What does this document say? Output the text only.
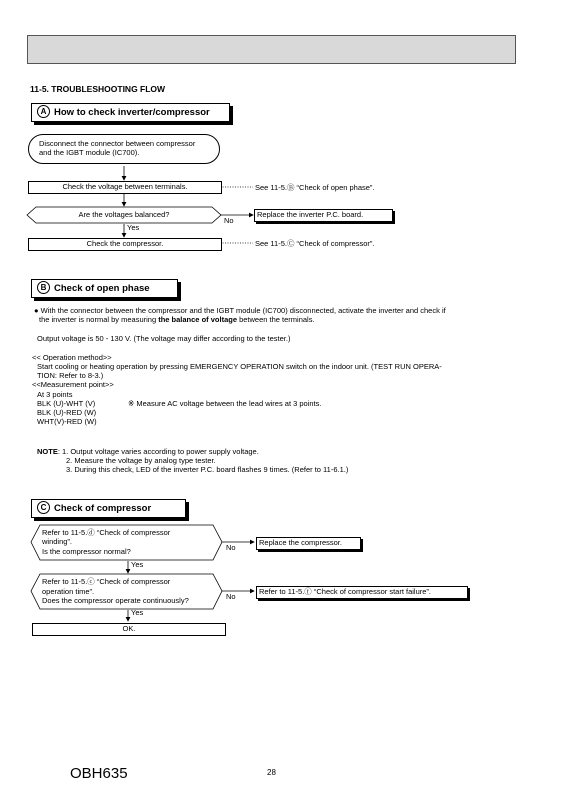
11-5. TROUBLESHOOTING FLOW
A How to check inverter/compressor
Disconnect the connector between compressor and the IGBT module (IC700).
Check the voltage between terminals.	See 11-5.Ⓑ “Check of open phase”.
Are the voltages balanced?
No
Yes
Replace the inverter P.C. board.
Check the compressor.	See 11-5.Ⓒ “Check of compressor”.
B Check of open phase
● With the connector between the compressor and the IGBT module (IC700) disconnected, activate the inverter and check if
the inverter is normal by measuring the balance of voltage between the terminals.
Output voltage is 50 - 130 V. (The voltage may differ according to the tester.)
<< Operation method>>
Start cooling or heating operation by pressing EMERGENCY OPERATION switch on the indoor unit. (TEST RUN OPERA-
TION: Refer to 8-3.)
<<Measurement point>>
At 3 points
BLK (U)-WHT (V)	※ Measure AC voltage between the lead wires at 3 points.
BLK (U)-RED (W)
WHT(V)-RED (W)
NOTE: 1. Output voltage varies according to power supply voltage.
2. Measure the voltage by analog type tester.
3. During this check, LED of the inverter P.C. board flashes 9 times. (Refer to 11-6.1.)
C Check of compressor
Refer to 11-5.ⓓ “Check of compressor
winding”.
Is the compressor normal?	No
Yes
Replace the compressor.
Refer to 11-5.ⓒ “Check of compressor
operation time”.
Does the compressor operate continuously?	No
Yes
Refer to 11-5.ⓕ “Check of compressor start failure”.
OK.
OBH635	28
